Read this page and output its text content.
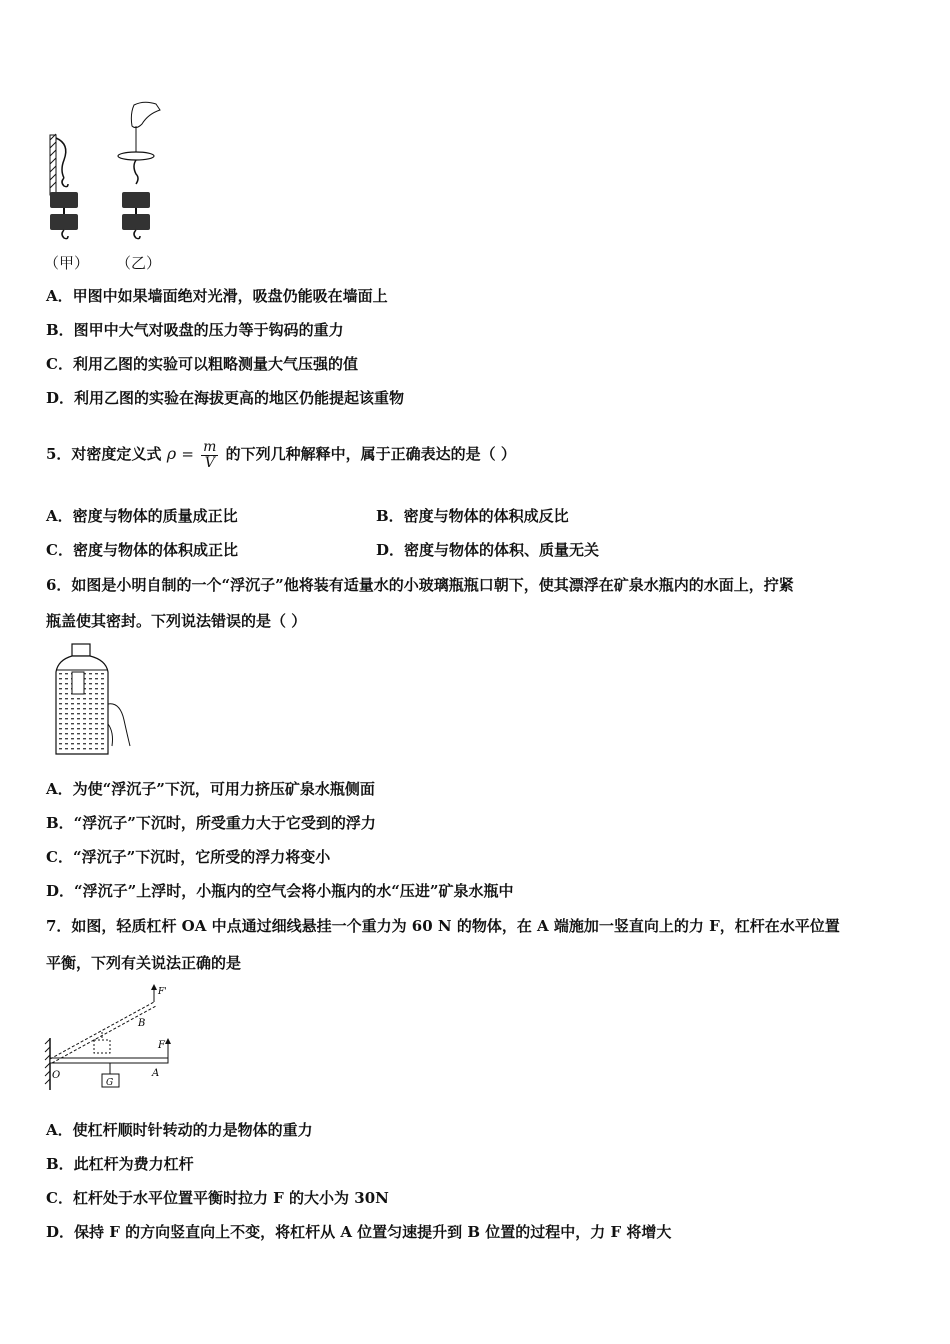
（甲） （乙）
A．甲图中如果墙面绝对光滑，吸盘仍能吸在墙面上
B．图甲中大气对吸盘的压力等于钩码的重力
C．利用乙图的实验可以粗略测量大气压强的值
D．利用乙图的实验在海拔更高的地区仍能提起该重物
5．对密度定义式 $\rho = \frac{m}{V}$ 的下列几种解释中，属于正确表达的是（ ）
A．密度与物体的质量成正比	B．密度与物体的体积成反比
C．密度与物体的体积成正比	D．密度与物体的体积、质量无关
6．如图是小明自制的一个“浮沉子”他将装有适量水的小玻璃瓶瓶口朝下，使其漂浮在矿泉水瓶内的水面上，拧紧
瓶盖使其密封。下列说法错误的是（ ）
A．为使“浮沉子”下沉，可用力挤压矿泉水瓶侧面
B．“浮沉子”下沉时，所受重力大于它受到的浮力
C．“浮沉子”下沉时，它所受的浮力将变小
D．“浮沉子”上浮时，小瓶内的空气会将小瓶内的水“压进”矿泉水瓶中
7．如图，轻质杠杆 OA 中点通过细线悬挂一个重力为 60 N 的物体，在 A 端施加一竖直向上的力 F，杠杆在水平位置
平衡，下列有关说法正确的是
O	A
B
F
F'
G
A．使杠杆顺时针转动的力是物体的重力
B．此杠杆为费力杠杆
C．杠杆处于水平位置平衡时拉力 F 的大小为 30N
D．保持 F 的方向竖直向上不变，将杠杆从 A 位置匀速提升到 B 位置的过程中，力 F 将增大
